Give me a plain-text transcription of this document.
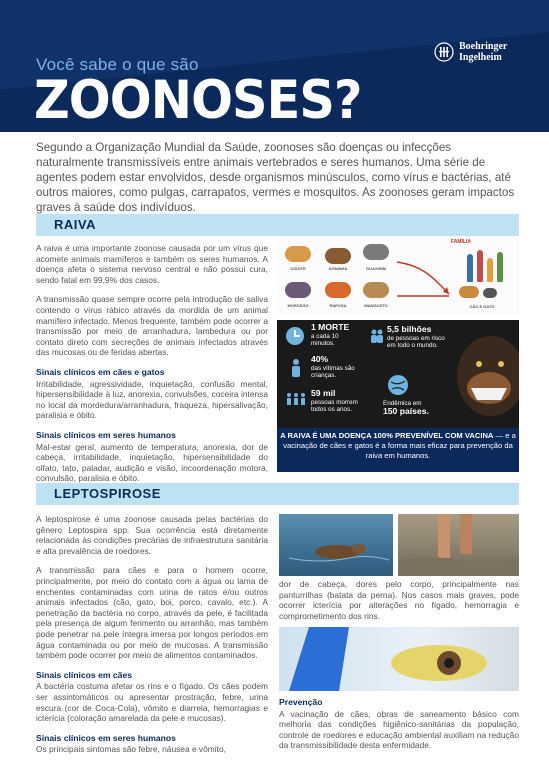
Você sabe o que são
ZOONOSES?
Boehringer
Ingelheim
Segundo a Organização Mundial da Saúde, zoonoses são doenças ou infecções naturalmente transmissíveis entre animais vertebrados e seres humanos. Uma série de agentes podem estar envolvidos, desde organismos minúsculos, como vírus e bactérias, até outros maiores, como pulgas, carrapatos, vermes e mosquitos. As zoonoses geram impactos graves à saúde dos indivíduos.
RAIVA

A raiva é uma importante zoonose causada por um vírus que acomete animais mamíferos e também os seres humanos. A doença afeta o sistema nervoso central e não possui cura, sendo fatal em 99,9% dos casos.

A transmissão quase sempre ocorre pela introdução de saliva contendo o vírus rábico através da mordida de um animal mamífero infectado. Menos frequente, também pode ocorrer a transmissão por meio de arranhadura, lambedura ou por contato direto com secreções de animais infectados através das mucosas ou de feridas abertas.

Sinais clínicos em cães e gatos

Irritabilidade, agressividade, inquietação, confusão mental, hipersensibilidade à luz, anorexia, convulsões, coceira intensa no local da mordedura/arranhadura, fraqueza, hipersalivação, paralisia e óbito.

Sinais clínicos em seres humanos

Mal-estar geral, aumento de temperatura, anorexia, dor de cabeça, irritabilidade, inquietação, hipersensibilidade do olfato, tato, paladar, audição e visão, incoordenação motora, convulsão, paralisia e óbito.

FAMÍLIA
COIOTE	DONINHA	GUAXINIM
MORCEGO	RAPOSA	MANGUSTO	CÃO E GATO
1 MORTE
a cada 10 minutos.
5,5 bilhões
de pessoas em risco em todo o mundo.
40%
das vítimas são crianças.
59 mil
pessoas morrem todos os anos.
Endêmica em
150 países.
A RAIVA É UMA DOENÇA 100% PREVENÍVEL COM VACINA — e a vacinação de cães e gatos é a forma mais eficaz para prevenção da raiva em humanos.
LEPTOSPIROSE

A leptospirose é uma zoonose causada pelas bactérias do gênero Leptospira spp. Sua ocorrência está diretamente relacionada às condições precárias de infraestrutura sanitária e alta prevalência de roedores.

A transmissão para cães e para o homem ocorre, principalmente, por meio do contato com a água ou lama de enchentes contaminadas com urina de ratos e/ou outros animais infectados (cão, gato, boi, porco, cavalo, etc.). A penetração da bactéria no corpo, através da pele, é facilitada pela presença de algum ferimento ou arranhão, mas também pode penetrar na pele íntegra imersa por longos períodos em água contaminada ou por meio de mucosas. A transmissão também pode ocorrer por meio de alimentos contaminados.

Sinais clínicos em cães

A bactéria costuma afetar os rins e o fígado. Os cães podem ser assintomáticos ou apresentar prostração, febre, urina escura (cor de Coca-Cola), vômito e diarreia, hemorragias e icterícia (coloração amarelada da pele e mucosas).

Sinais clínicos em seres humanos

Os principais sintomas são febre, náusea e vômito,

dor de cabeça, dores pelo corpo, principalmente nas panturrilhas (batata da perna). Nos casos mais graves, pode ocorrer icterícia por alterações no fígado, hemorragia e comprometimento dos rins.
Prevenção

A vacinação de cães, obras de saneamento básico com melhoria das condições higiênico-sanitárias da população, controle de roedores e educação ambiental auxiliam na redução da transmissibilidade desta enfermidade.
